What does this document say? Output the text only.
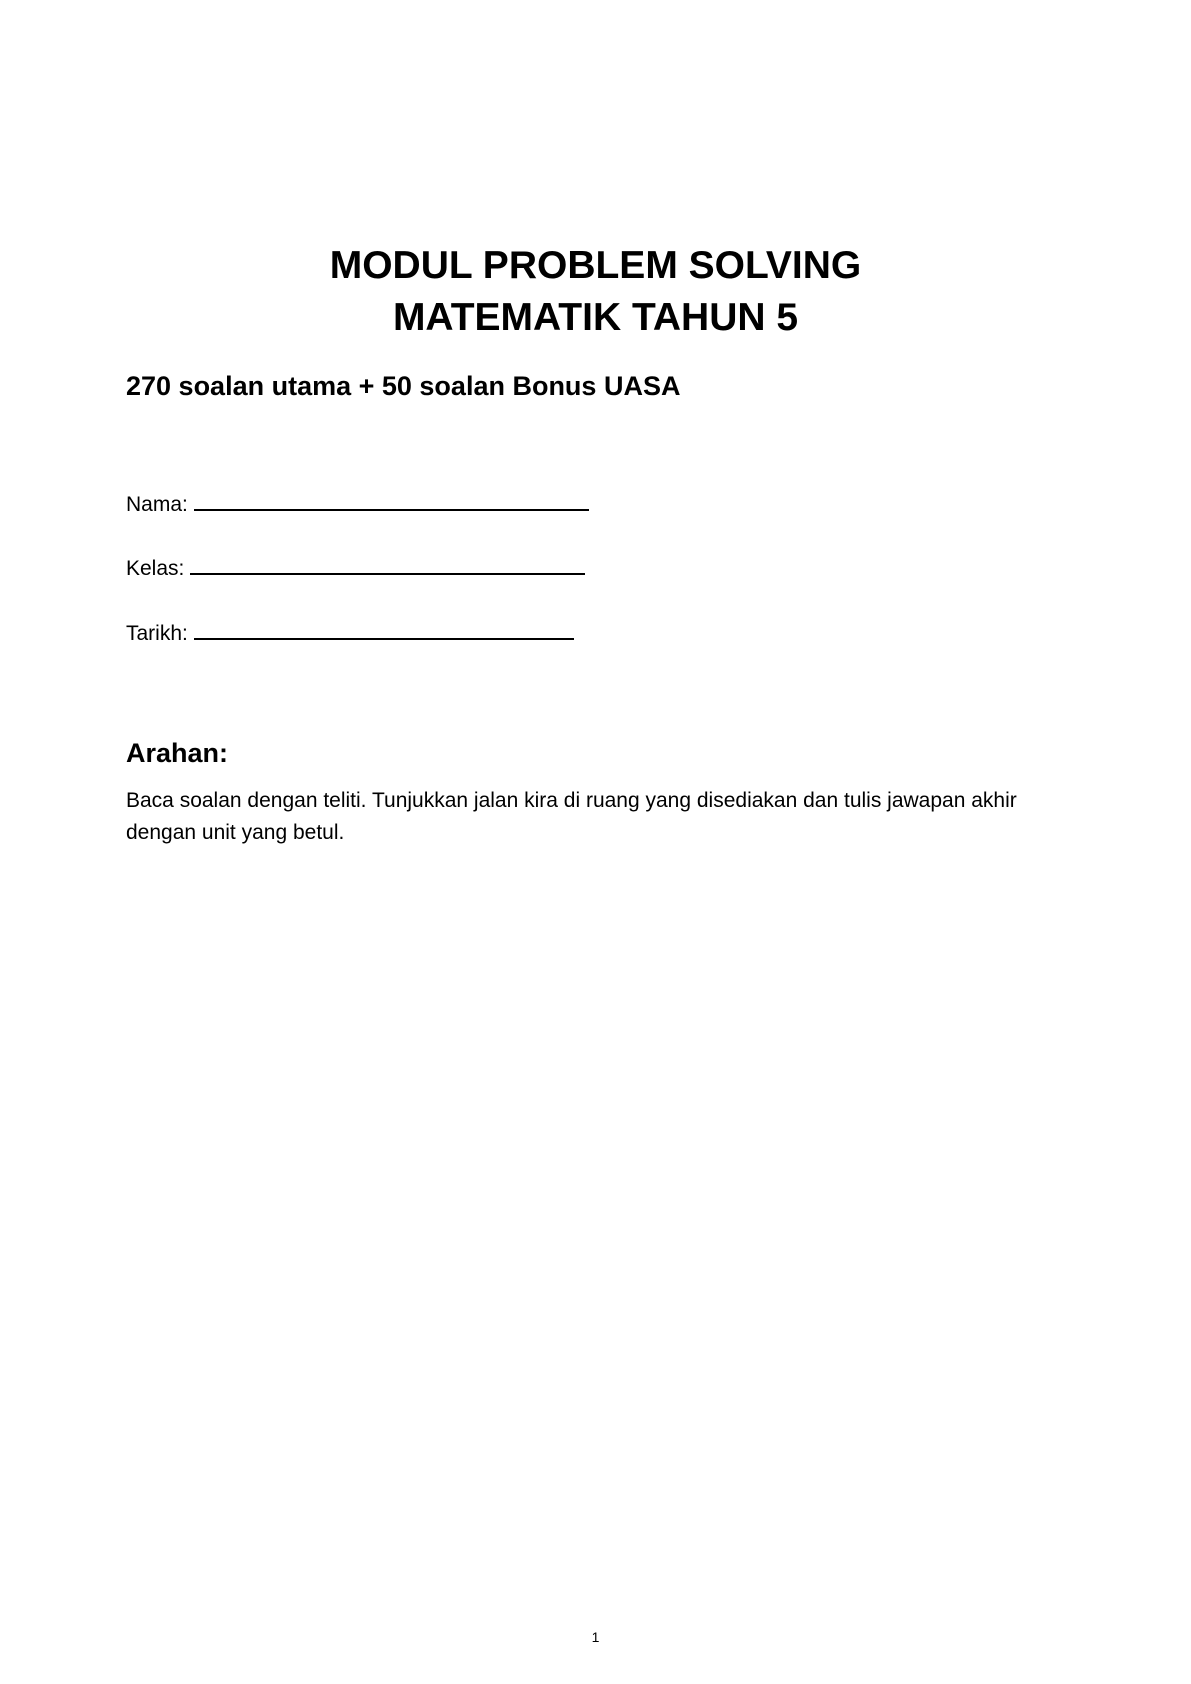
MODUL PROBLEM SOLVING

MATEMATIK TAHUN 5

270 soalan utama + 50 soalan Bonus UASA

Nama:
Kelas:
Tarikh:

Arahan:

Baca soalan dengan teliti. Tunjukkan jalan kira di ruang yang disediakan dan tulis jawapan akhir dengan unit yang betul.

1
